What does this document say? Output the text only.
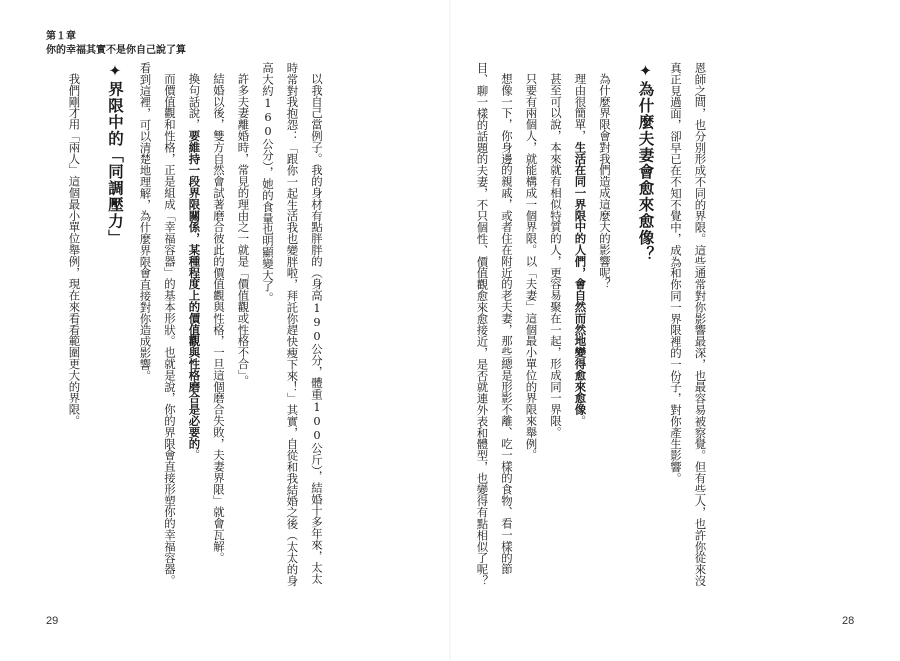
第１章
你的幸福其實不是你自己說了算

以我自己當例子。我的身材有點胖胖的（身高190公分，體重100公斤），結婚十多年來，太太時常對我抱怨：「跟你一起生活我也變胖啦，拜託你趕快瘦下來！」其實，自從和我結婚之後（太太的身高大約160公分），她的食量也明顯變大了。

許多夫妻離婚時，常見的理由之一就是「價值觀或性格不合」。

結婚以後，雙方自然會試著磨合彼此的價值觀與性格，一旦這個磨合失敗，夫妻界限」就會瓦解。

換句話說，要維持一段界限關係，某種程度上的價值觀與性格磨合是必要的。

而價值觀和性格，正是組成「幸福容器」的基本形狀。也就是說，你的界限會直接形塑你的幸福容器。看到這裡，可以清楚地理解，為什麼界限會直接對你造成影響。

✦界限中的「同調壓力」

我們剛才用「兩人」這個最小單位舉例，現在來看看範圍更大的界限。	恩師之間，也分別形成不同的界限。這些通常對你影響最深，也最容易被察覺。但有些人，也許你從來沒真正見過面，卻早已在不知不覺中，成為和你同一界限裡的一份子，對你產生影響。

✦為什麼夫妻會愈來愈像？

為什麼界限會對我們造成這麼大的影響呢？

理由很簡單，生活在同一界限中的人們，會自然而然地變得愈來愈像。

甚至可以說，本來就有相似特質的人，更容易聚在一起，形成同一界限。

只要有兩個人，就能構成一個界限。以「夫妻」這個最小單位的界限來舉例。

想像一下，你身邊的親戚，或者住在附近的老夫妻，那些總是形影不離、吃一樣的食物、看一樣的節目、聊一樣的話題的夫妻，不只個性、價值觀愈來愈接近，是否就連外表和體型，也變得有點相似了呢？

29	28
